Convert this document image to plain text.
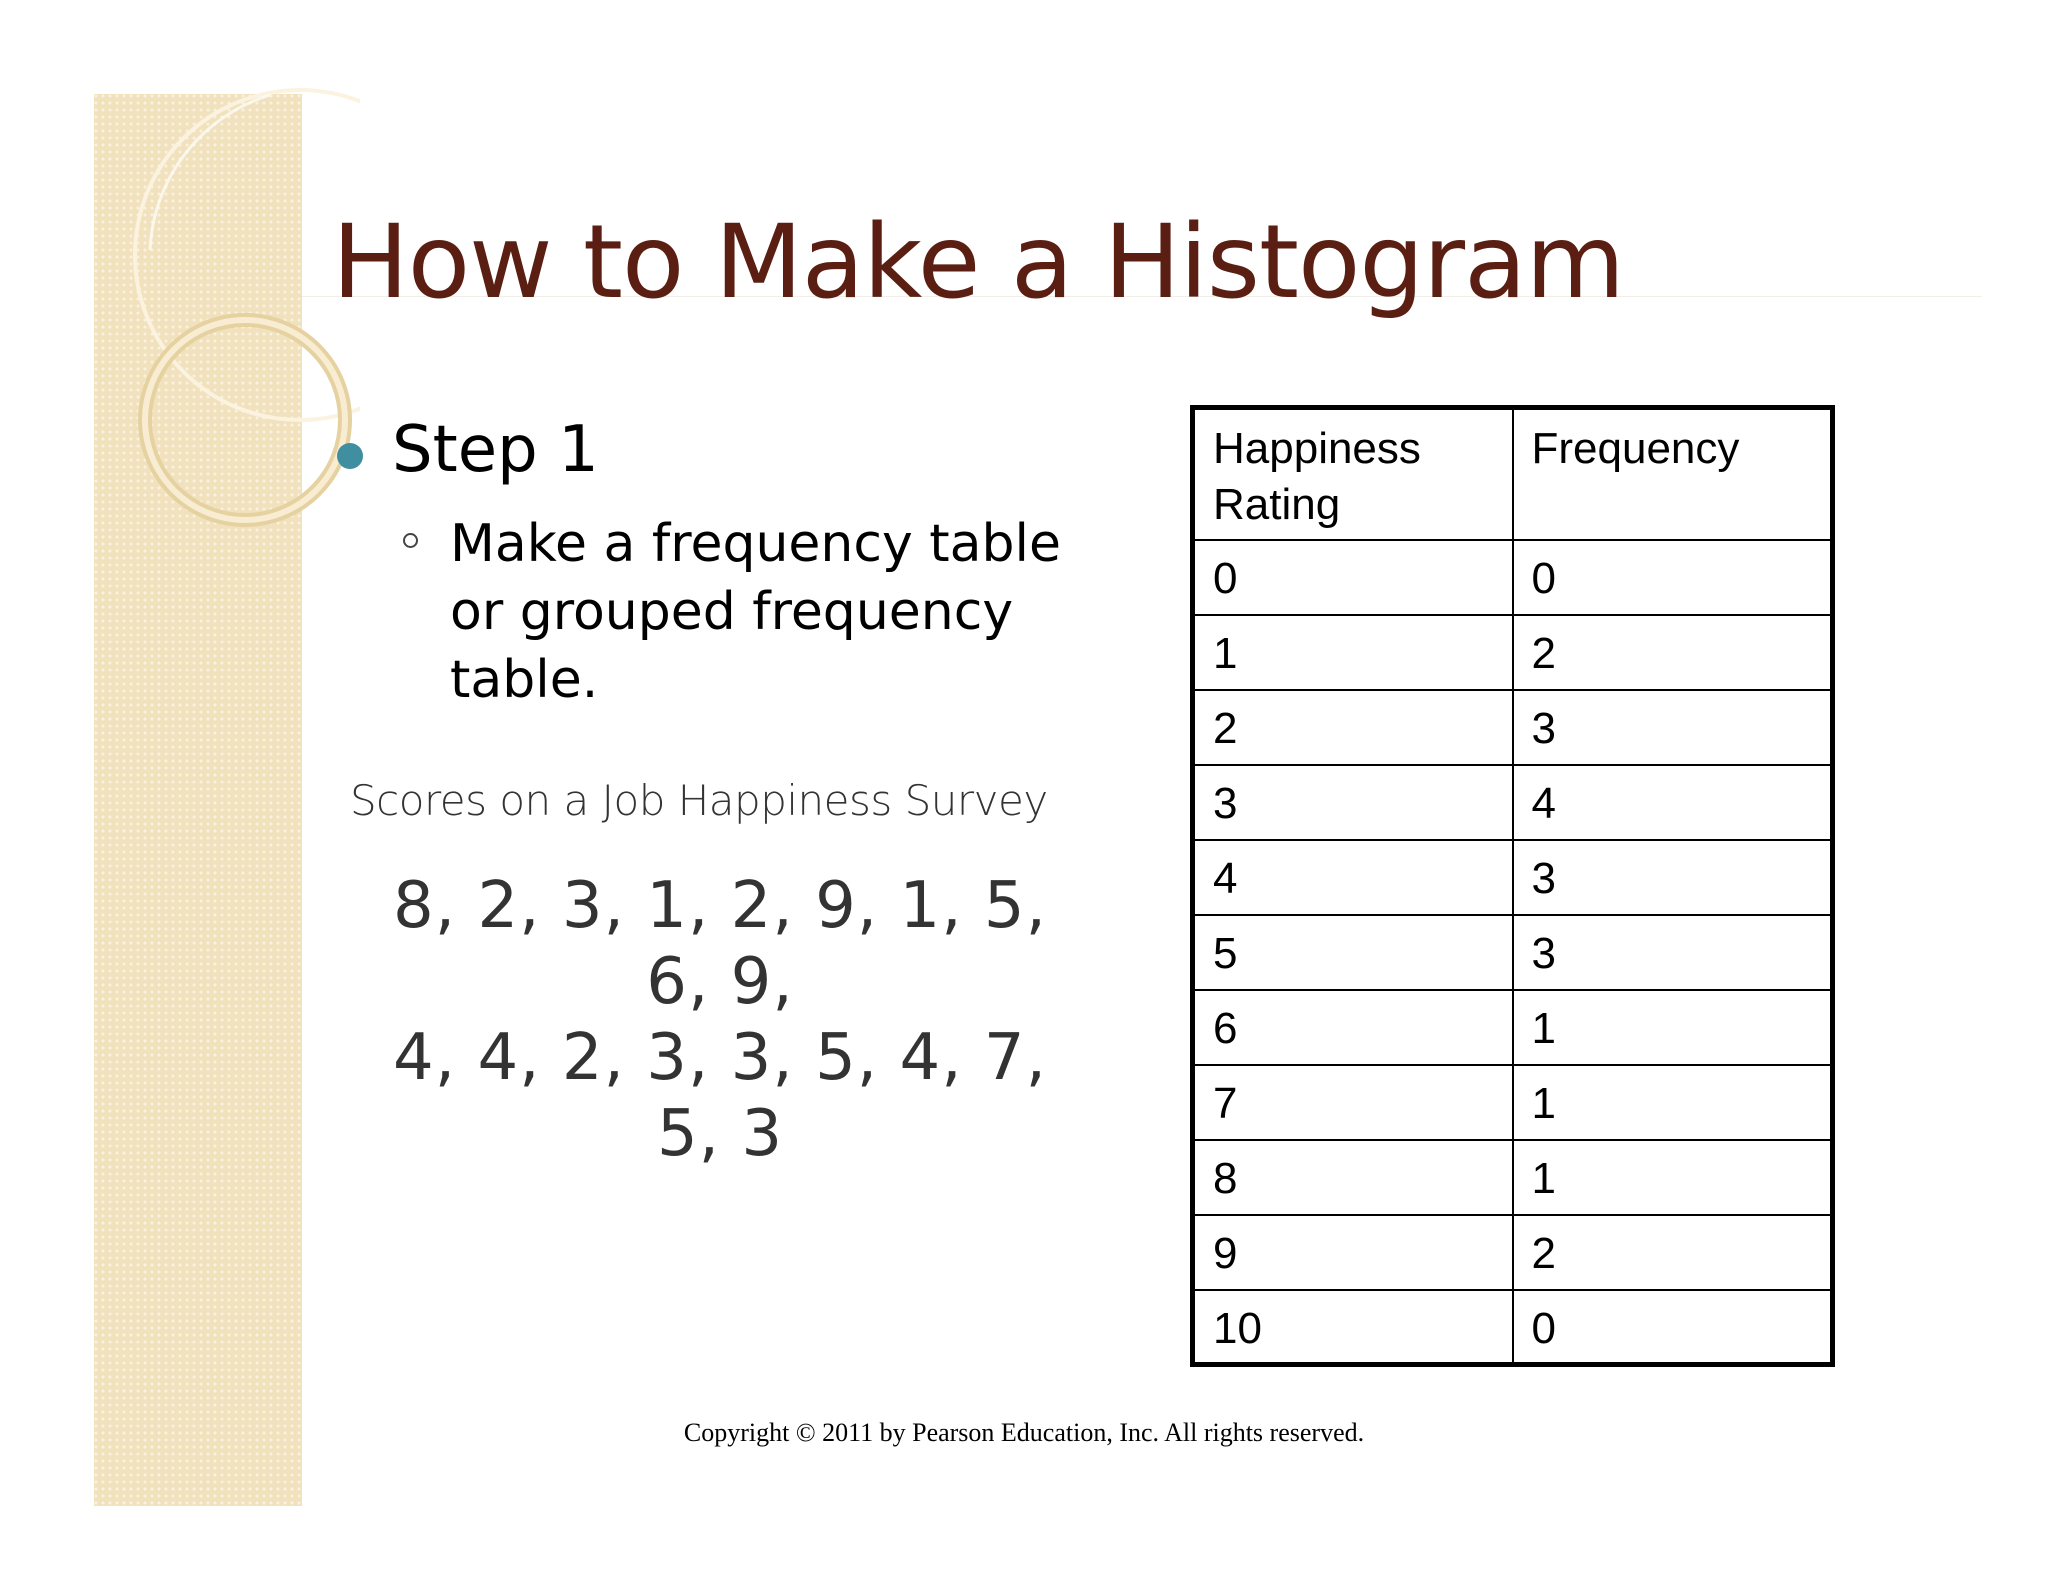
How to Make a Histogram
Step 1
Make a frequency table or grouped frequency table.
Scores on a Job Happiness Survey
8, 2, 3, 1, 2, 9, 1, 5, 6, 9,
4, 4, 2, 3, 3, 5, 4, 7, 5, 3
Happiness Rating	Frequency
0	0
1	2
2	3
3	4
4	3
5	3
6	1
7	1
8	1
9	2
10	0
Copyright © 2011 by Pearson Education, Inc. All rights reserved.
